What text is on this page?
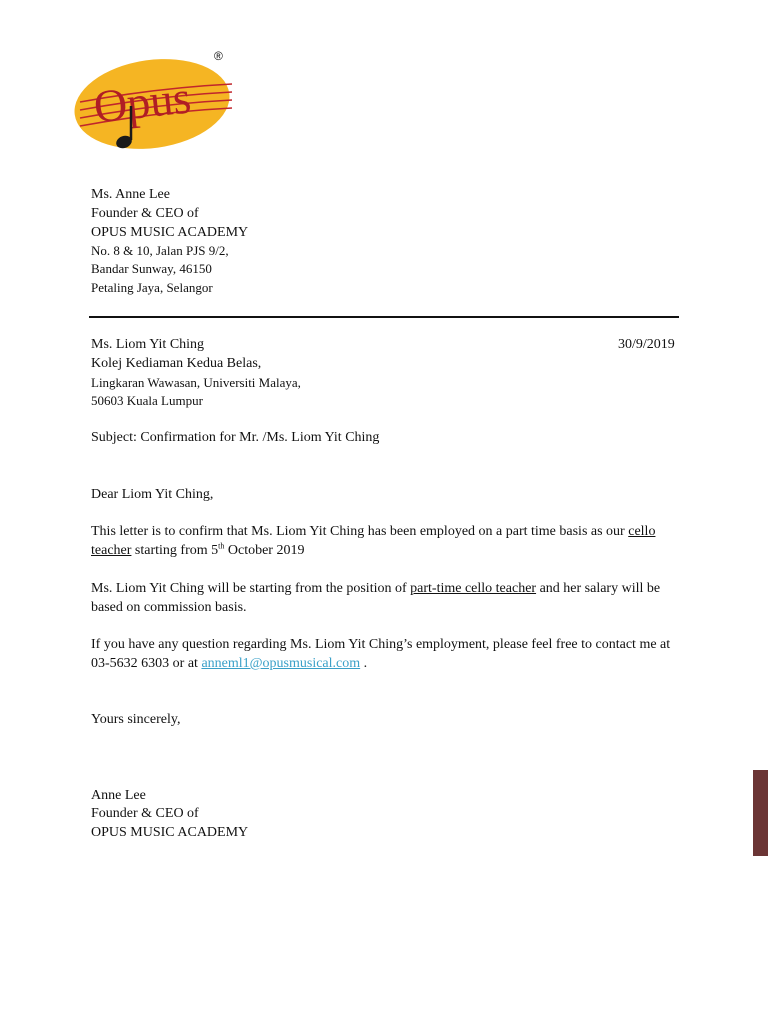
Opus
®
Ms. Anne Lee
Founder & CEO of
OPUS MUSIC ACADEMY
No. 8 & 10, Jalan PJS 9/2,
Bandar Sunway, 46150
Petaling Jaya, Selangor
Ms. Liom Yit Ching	30/9/2019
Kolej Kediaman Kedua Belas,
Lingkaran Wawasan, Universiti Malaya,
50603 Kuala Lumpur
Subject: Confirmation for Mr. /Ms. Liom Yit Ching
Dear Liom Yit Ching,
This letter is to confirm that Ms. Liom Yit Ching has been employed on a part time basis as our cello
teacher starting from 5th October 2019
Ms. Liom Yit Ching will be starting from the position of part-time cello teacher and her salary will be
based on commission basis.
If you have any question regarding Ms. Liom Yit Ching’s employment, please feel free to contact me at
03-5632 6303 or at anneml1@opusmusical.com .
Yours sincerely,
Anne Lee
Founder & CEO of
OPUS MUSIC ACADEMY
